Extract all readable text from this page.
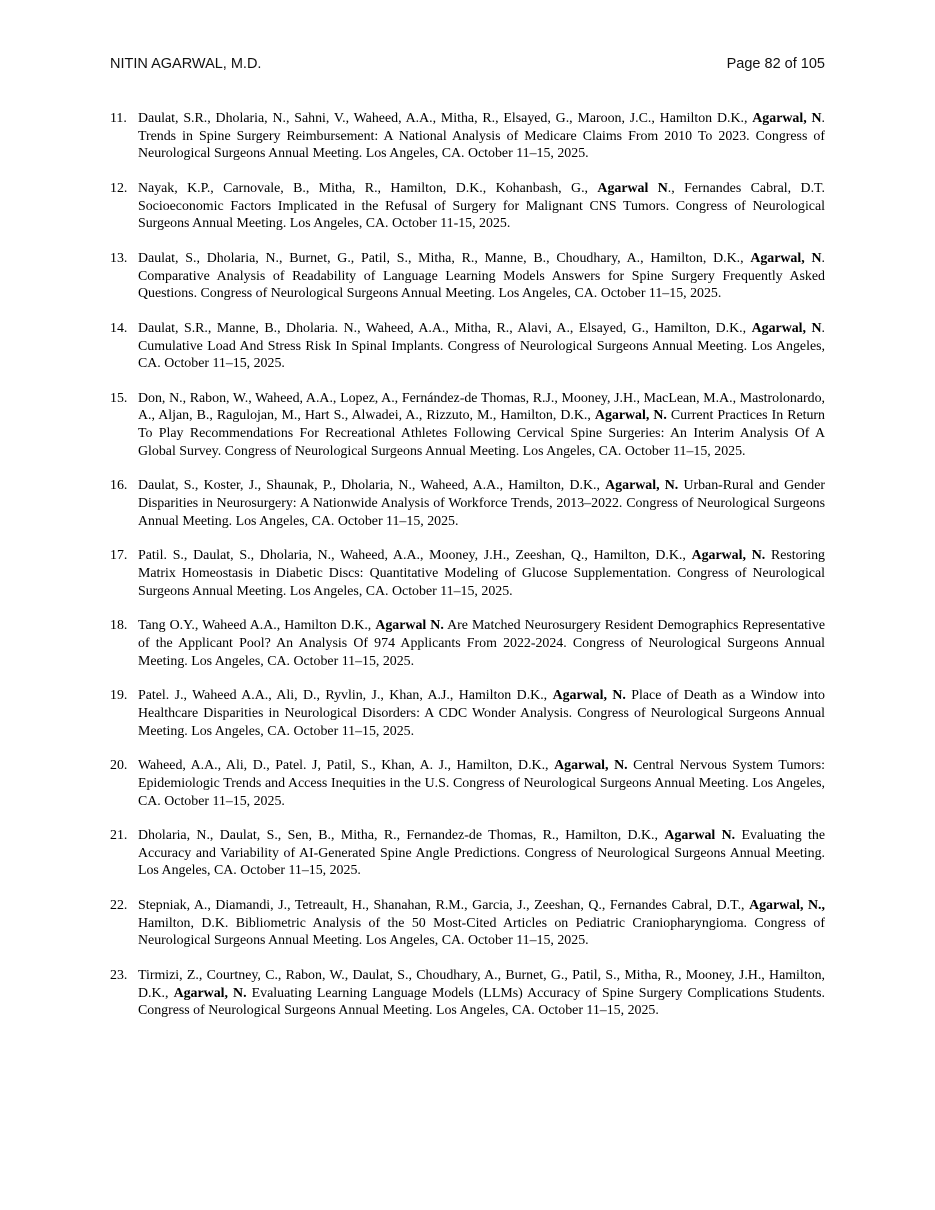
NITIN AGARWAL, M.D.	Page 82 of 105
11. Daulat, S.R., Dholaria, N., Sahni, V., Waheed, A.A., Mitha, R., Elsayed, G., Maroon, J.C., Hamilton D.K., Agarwal, N. Trends in Spine Surgery Reimbursement: A National Analysis of Medicare Claims From 2010 To 2023. Congress of Neurological Surgeons Annual Meeting. Los Angeles, CA. October 11–15, 2025.
12. Nayak, K.P., Carnovale, B., Mitha, R., Hamilton, D.K., Kohanbash, G., Agarwal N., Fernandes Cabral, D.T. Socioeconomic Factors Implicated in the Refusal of Surgery for Malignant CNS Tumors. Congress of Neurological Surgeons Annual Meeting. Los Angeles, CA. October 11-15, 2025.
13. Daulat, S., Dholaria, N., Burnet, G., Patil, S., Mitha, R., Manne, B., Choudhary, A., Hamilton, D.K., Agarwal, N. Comparative Analysis of Readability of Language Learning Models Answers for Spine Surgery Frequently Asked Questions. Congress of Neurological Surgeons Annual Meeting. Los Angeles, CA. October 11–15, 2025.
14. Daulat, S.R., Manne, B., Dholaria. N., Waheed, A.A., Mitha, R., Alavi, A., Elsayed, G., Hamilton, D.K., Agarwal, N. Cumulative Load And Stress Risk In Spinal Implants. Congress of Neurological Surgeons Annual Meeting. Los Angeles, CA. October 11–15, 2025.
15. Don, N., Rabon, W., Waheed, A.A., Lopez, A., Fernández-de Thomas, R.J., Mooney, J.H., MacLean, M.A., Mastrolonardo, A., Aljan, B., Ragulojan, M., Hart S., Alwadei, A., Rizzuto, M., Hamilton, D.K., Agarwal, N. Current Practices In Return To Play Recommendations For Recreational Athletes Following Cervical Spine Surgeries: An Interim Analysis Of A Global Survey. Congress of Neurological Surgeons Annual Meeting. Los Angeles, CA. October 11–15, 2025.
16. Daulat, S., Koster, J., Shaunak, P., Dholaria, N., Waheed, A.A., Hamilton, D.K., Agarwal, N. Urban-Rural and Gender Disparities in Neurosurgery: A Nationwide Analysis of Workforce Trends, 2013–2022. Congress of Neurological Surgeons Annual Meeting. Los Angeles, CA. October 11–15, 2025.
17. Patil. S., Daulat, S., Dholaria, N., Waheed, A.A., Mooney, J.H., Zeeshan, Q., Hamilton, D.K., Agarwal, N. Restoring Matrix Homeostasis in Diabetic Discs: Quantitative Modeling of Glucose Supplementation. Congress of Neurological Surgeons Annual Meeting. Los Angeles, CA. October 11–15, 2025.
18. Tang O.Y., Waheed A.A., Hamilton D.K., Agarwal N. Are Matched Neurosurgery Resident Demographics Representative of the Applicant Pool? An Analysis Of 974 Applicants From 2022-2024. Congress of Neurological Surgeons Annual Meeting. Los Angeles, CA. October 11–15, 2025.
19. Patel. J., Waheed A.A., Ali, D., Ryvlin, J., Khan, A.J., Hamilton D.K., Agarwal, N. Place of Death as a Window into Healthcare Disparities in Neurological Disorders: A CDC Wonder Analysis. Congress of Neurological Surgeons Annual Meeting. Los Angeles, CA. October 11–15, 2025.
20. Waheed, A.A., Ali, D., Patel. J, Patil, S., Khan, A. J., Hamilton, D.K., Agarwal, N. Central Nervous System Tumors: Epidemiologic Trends and Access Inequities in the U.S. Congress of Neurological Surgeons Annual Meeting. Los Angeles, CA. October 11–15, 2025.
21. Dholaria, N., Daulat, S., Sen, B., Mitha, R., Fernandez-de Thomas, R., Hamilton, D.K., Agarwal N. Evaluating the Accuracy and Variability of AI-Generated Spine Angle Predictions. Congress of Neurological Surgeons Annual Meeting. Los Angeles, CA. October 11–15, 2025.
22. Stepniak, A., Diamandi, J., Tetreault, H., Shanahan, R.M., Garcia, J., Zeeshan, Q., Fernandes Cabral, D.T., Agarwal, N., Hamilton, D.K. Bibliometric Analysis of the 50 Most-Cited Articles on Pediatric Craniopharyngioma. Congress of Neurological Surgeons Annual Meeting. Los Angeles, CA. October 11–15, 2025.
23. Tirmizi, Z., Courtney, C., Rabon, W., Daulat, S., Choudhary, A., Burnet, G., Patil, S., Mitha, R., Mooney, J.H., Hamilton, D.K., Agarwal, N. Evaluating Learning Language Models (LLMs) Accuracy of Spine Surgery Complications Students. Congress of Neurological Surgeons Annual Meeting. Los Angeles, CA. October 11–15, 2025.
